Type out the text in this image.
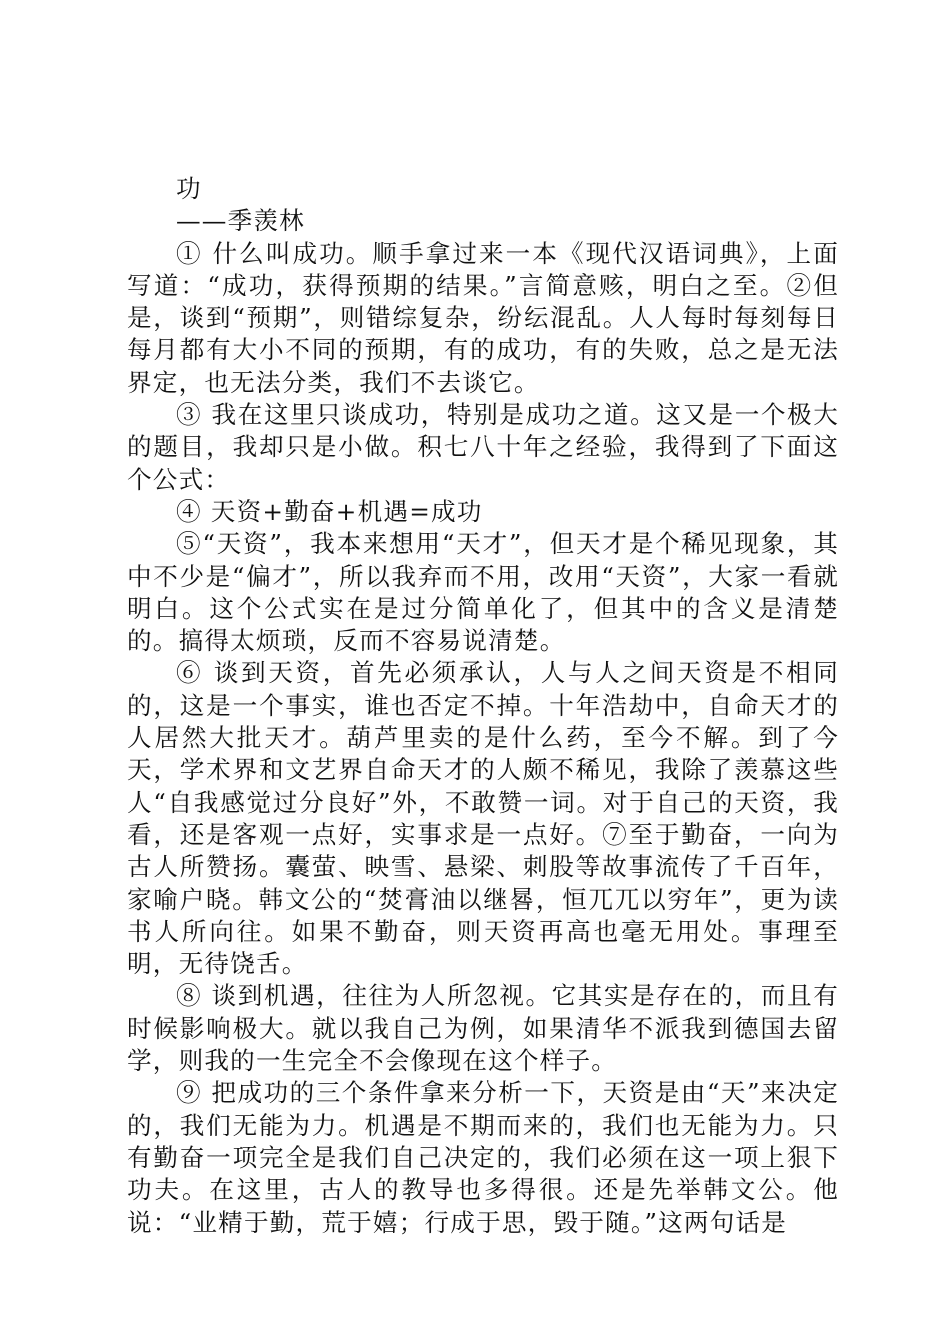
功

——季羡林

① 什么叫成功。顺手拿过来一本《现代汉语词典》，上面写道：“成功，获得预期的结果。”言简意赅，明白之至。②但是，谈到“预期”，则错综复杂，纷纭混乱。人人每时每刻每日每月都有大小不同的预期，有的成功，有的失败，总之是无法界定，也无法分类，我们不去谈它。

③ 我在这里只谈成功，特别是成功之道。这又是一个极大的题目，我却只是小做。积七八十年之经验，我得到了下面这个公式：

④ 天资+勤奋+机遇=成功

⑤“天资”，我本来想用“天才”，但天才是个稀见现象，其中不少是“偏才”，所以我弃而不用，改用“天资”，大家一看就明白。这个公式实在是过分简单化了，但其中的含义是清楚的。搞得太烦琐，反而不容易说清楚。

⑥ 谈到天资，首先必须承认，人与人之间天资是不相同的，这是一个事实，谁也否定不掉。十年浩劫中，自命天才的人居然大批天才。葫芦里卖的是什么药，至今不解。到了今天，学术界和文艺界自命天才的人颇不稀见，我除了羡慕这些人“自我感觉过分良好”外，不敢赞一词。对于自己的天资，我看，还是客观一点好，实事求是一点好。⑦至于勤奋，一向为古人所赞扬。囊萤、映雪、悬梁、刺股等故事流传了千百年，家喻户晓。韩文公的“焚膏油以继晷，恒兀兀以穷年”，更为读书人所向往。如果不勤奋，则天资再高也毫无用处。事理至明，无待饶舌。

⑧ 谈到机遇，往往为人所忽视。它其实是存在的，而且有时候影响极大。就以我自己为例，如果清华不派我到德国去留学，则我的一生完全不会像现在这个样子。

⑨ 把成功的三个条件拿来分析一下，天资是由“天”来决定的，我们无能为力。机遇是不期而来的，我们也无能为力。只有勤奋一项完全是我们自己决定的，我们必须在这一项上狠下功夫。在这里，古人的教导也多得很。还是先举韩文公。他说：“业精于勤，荒于嬉；行成于思，毁于随。”这两句话是
